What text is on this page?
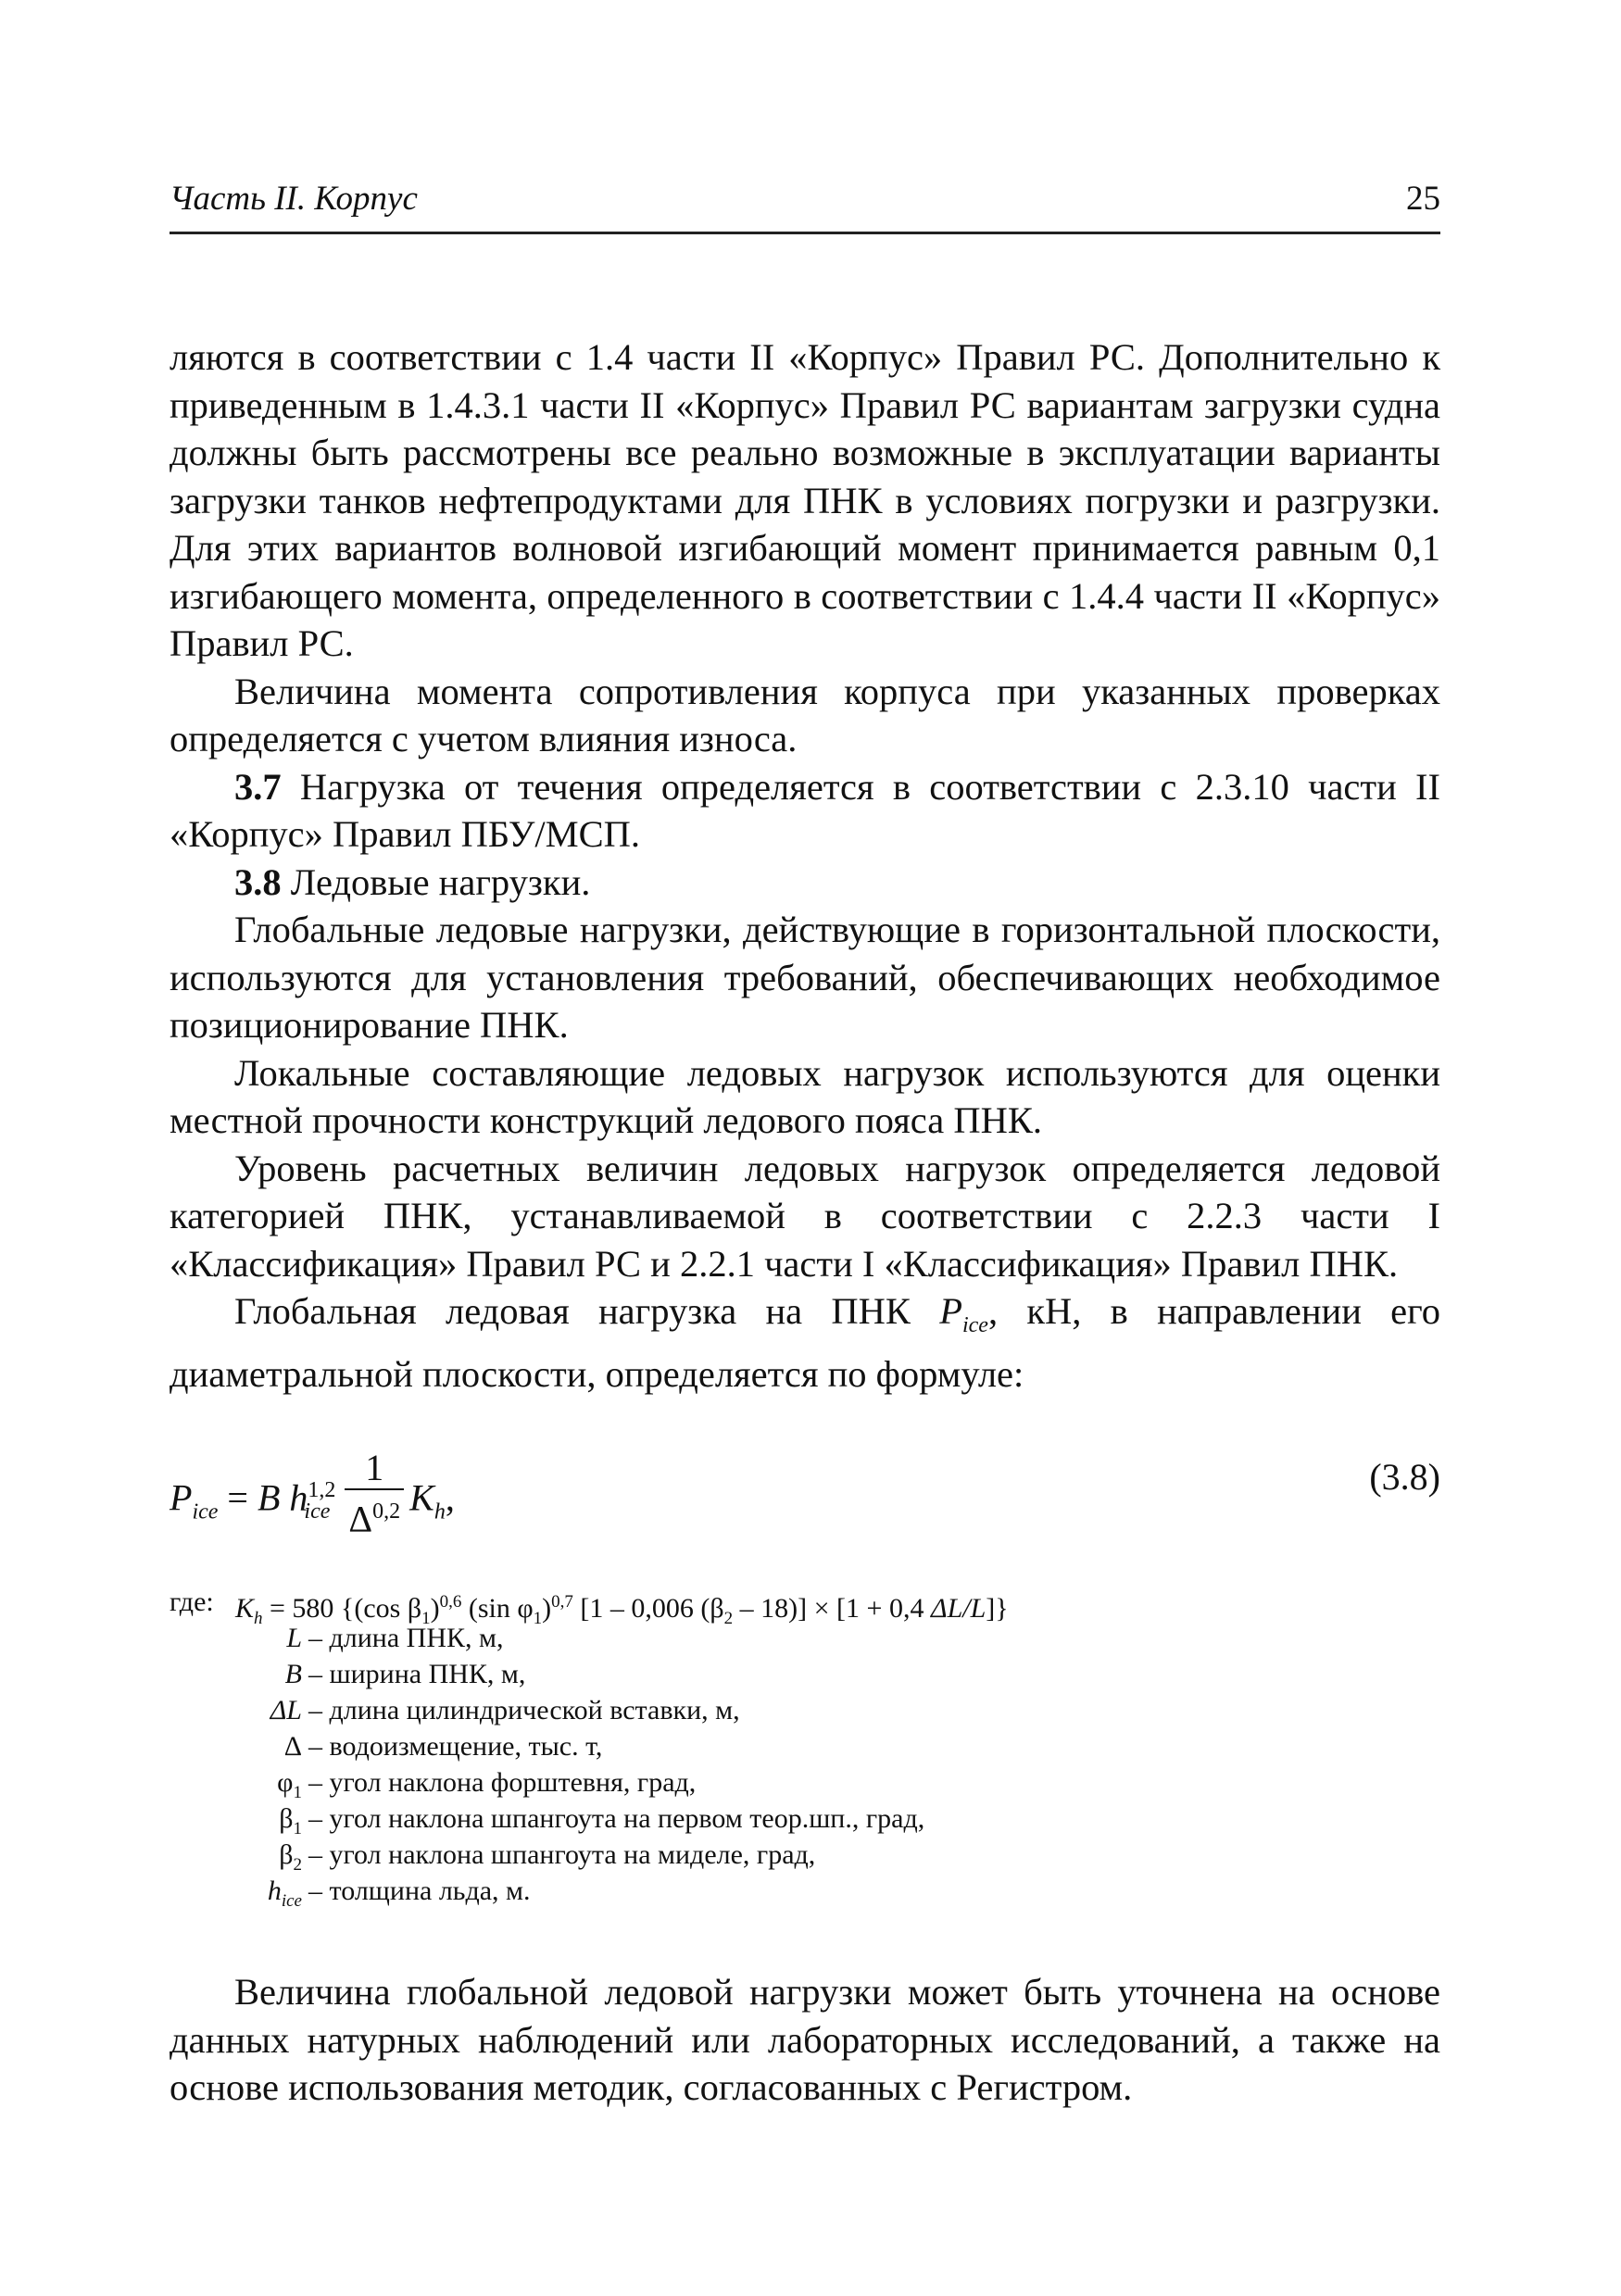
Часть II. Корпус	25

ляются в соответствии с 1.4 части II «Корпус» Правил РС. Дополнительно к приведенным в 1.4.3.1 части II «Корпус» Правил РС вариантам загрузки судна должны быть рассмотрены все реально возможные в эксплуатации варианты загрузки танков нефтепродуктами для ПНК в условиях погрузки и разгрузки. Для этих вариантов волновой изгибающий момент принимается равным 0,1 изгибающего момента, определенного в соответствии с 1.4.4 части II «Корпус» Правил РС.

Величина момента сопротивления корпуса при указанных проверках определяется с учетом влияния износа.

3.7 Нагрузка от течения определяется в соответствии с 2.3.10 части II «Корпус» Правил ПБУ/МСП.

3.8 Ледовые нагрузки.

Глобальные ледовые нагрузки, действующие в горизонтальной плоскости, используются для установления требований, обеспечивающих необходимое позиционирование ПНК.

Локальные составляющие ледовых нагрузок используются для оценки местной прочности конструкций ледового пояса ПНК.

Уровень расчетных величин ледовых нагрузок определяется ледовой категорией ПНК, устанавливаемой в соответствии с 2.2.3 части I «Классификация» Правил РС и 2.2.1 части I «Классификация» Правил ПНК.

Глобальная ледовая нагрузка на ПНК $P_{ice}$, кН, в направлении его диаметральной плоскости, определяется по формуле:

$P_{ice} = B$ $h^{1,2}_{ice} \frac{1}{\Delta^{0,2}} K_h$,	(3.8)
где: $K_h = 580$ {(cos $\beta_1)^{0,6}$ (sin $\varphi_1)^{0,7}$ [1 – 0,006 $(\beta_2 - 18)] \times [1 + 0,4$ ΔL/L]}
L – длина ПНК, м,
B – ширина ПНК, м,
ΔL – длина цилиндрической вставки, м,
Δ – водоизмещение, тыс. т,
$\varphi_1$ – угол наклона форштевня, град,
$\beta_1$ – угол наклона шпангоута на первом теор.шп., град,
$\beta_2$ – угол наклона шпангоута на миделе, град,
$h_{ice}$ – толщина льда, м.

Величина глобальной ледовой нагрузки может быть уточнена на основе данных натурных наблюдений или лабораторных исследований, а также на основе использования методик, согласованных с Регистром.
